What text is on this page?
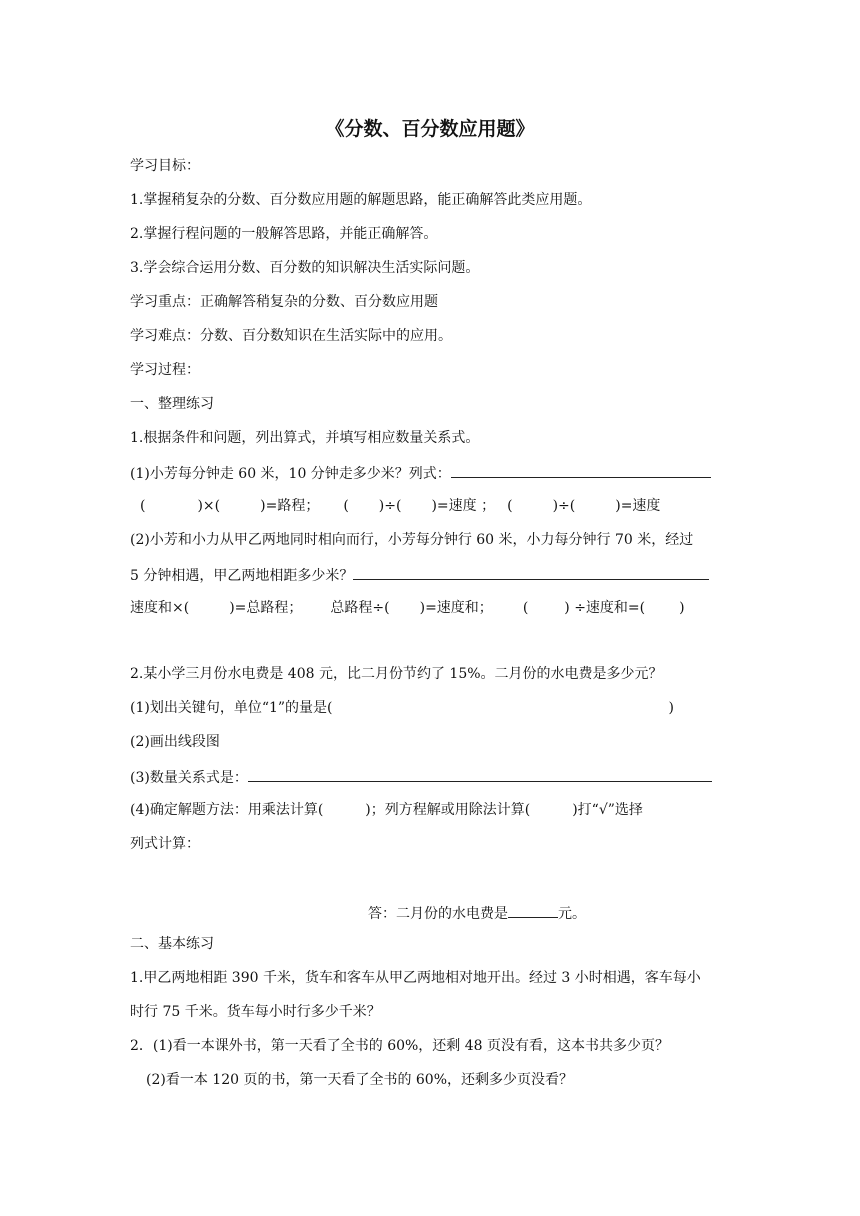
《分数、百分数应用题》
学习目标：
1.掌握稍复杂的分数、百分数应用题的解题思路，能正确解答此类应用题。
2.掌握行程问题的一般解答思路，并能正确解答。
3.学会综合运用分数、百分数的知识解决生活实际问题。
学习重点：正确解答稍复杂的分数、百分数应用题
学习难点：分数、百分数知识在生活实际中的应用。
学习过程：
一、整理练习
1.根据条件和问题，列出算式，并填写相应数量关系式。
(1)小芳每分钟走 60 米，10 分钟走多少米？列式：
(	)×(	)=路程； ( )÷( )=速度 ； (	)÷(	)=速度
(2)小芳和小力从甲乙两地同时相向而行，小芳每分钟行 60 米，小力每分钟行 70 米，经过
5 分钟相遇，甲乙两地相距多少米？
速度和×(	)=总路程； 总路程÷( )=速度和； (	) ÷速度和=( )
2.某小学三月份水电费是 408 元，比二月份节约了 15%。二月份的水电费是多少元？
(1)划出关键句，单位“1”的量是(	)
(2)画出线段图
(3)数量关系式是：
(4)确定解题方法：用乘法计算(　　　)；列方程解或用除法计算(　　　)打“√”选择
列式计算：
答：二月份的水电费是	元。
二、基本练习
1.甲乙两地相距 390 千米，货车和客车从甲乙两地相对地开出。经过 3 小时相遇，客车每小
时行 75 千米。货车每小时行多少千米？
2．(1)看一本课外书，第一天看了全书的 60%，还剩 48 页没有看，这本书共多少页？
(2)看一本 120 页的书，第一天看了全书的 60%，还剩多少页没看？
